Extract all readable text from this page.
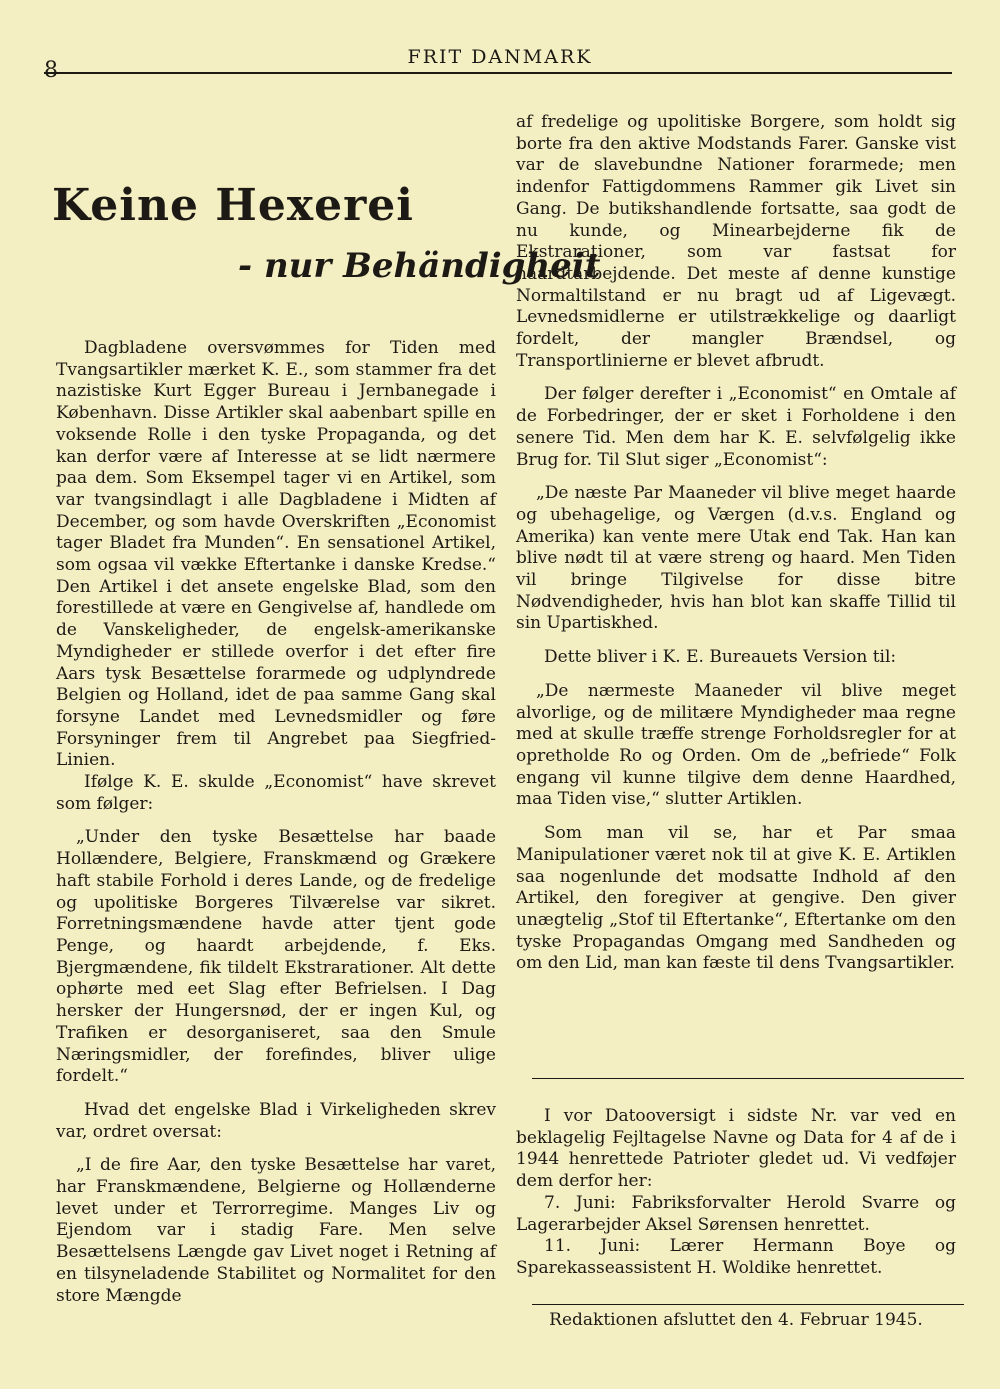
8
FRIT DANMARK
Keine Hexerei
- nur Behändigheit

Dagbladene oversvømmes for Tiden med Tvangsartikler mærket K. E., som stammer fra det nazistiske Kurt Egger Bureau i Jernbanegade i København. Disse Artikler skal aabenbart spille en voksende Rolle i den tyske Propaganda, og det kan derfor være af Interesse at se lidt nærmere paa dem. Som Eksempel tager vi en Artikel, som var tvangsindlagt i alle Dagbladene i Midten af December, og som havde Overskriften „Economist tager Bladet fra Munden“. En sensationel Artikel, som ogsaa vil vække Eftertanke i danske Kredse.“ Den Artikel i det ansete engelske Blad, som den forestillede at være en Gengivelse af, handlede om de Vanskeligheder, de engelsk-amerikanske Myndigheder er stillede overfor i det efter fire Aars tysk Besættelse forarmede og udplyndrede Belgien og Holland, idet de paa samme Gang skal forsyne Landet med Levnedsmidler og føre Forsyninger frem til Angrebet paa Siegfried-Linien.

Ifølge K. E. skulde „Economist“ have skrevet som følger:

„Under den tyske Besættelse har baade Hollændere, Belgiere, Franskmænd og Grækere haft stabile Forhold i deres Lande, og de fredelige og upolitiske Borgeres Tilværelse var sikret. Forretningsmændene havde atter tjent gode Penge, og haardt arbejdende, f. Eks. Bjergmændene, fik tildelt Ekstrarationer. Alt dette ophørte med eet Slag efter Befrielsen. I Dag hersker der Hungersnød, der er ingen Kul, og Trafiken er desorganiseret, saa den Smule Næringsmidler, der forefindes, bliver ulige fordelt.“

Hvad det engelske Blad i Virkeligheden skrev var, ordret oversat:

„I de fire Aar, den tyske Besættelse har varet, har Franskmændene, Belgierne og Hollænderne levet under et Terrorregime. Manges Liv og Ejendom var i stadig Fare. Men selve Besættelsens Længde gav Livet noget i Retning af en tilsyneladende Stabilitet og Normalitet for den store Mængde

af fredelige og upolitiske Borgere, som holdt sig borte fra den aktive Modstands Farer. Ganske vist var de slavebundne Nationer forarmede; men indenfor Fattigdommens Rammer gik Livet sin Gang. De butikshandlende fortsatte, saa godt de nu kunde, og Minearbejderne fik de Ekstrarationer, som var fastsat for haardtarbejdende. Det meste af denne kunstige Normaltilstand er nu bragt ud af Ligevægt. Levnedsmidlerne er utilstrækkelige og daarligt fordelt, der mangler Brændsel, og Transportlinierne er blevet afbrudt.

Der følger derefter i „Economist“ en Omtale af de Forbedringer, der er sket i Forholdene i den senere Tid. Men dem har K. E. selvfølgelig ikke Brug for. Til Slut siger „Economist“:

„De næste Par Maaneder vil blive meget haarde og ubehagelige, og Værgen (d.v.s. England og Amerika) kan vente mere Utak end Tak. Han kan blive nødt til at være streng og haard. Men Tiden vil bringe Tilgivelse for disse bitre Nødvendigheder, hvis han blot kan skaffe Tillid til sin Upartiskhed.

Dette bliver i K. E. Bureauets Version til:

„De nærmeste Maaneder vil blive meget alvorlige, og de militære Myndigheder maa regne med at skulle træffe strenge Forholdsregler for at opretholde Ro og Orden. Om de „befriede“ Folk engang vil kunne tilgive dem denne Haardhed, maa Tiden vise,“ slutter Artiklen.

Som man vil se, har et Par smaa Manipulationer været nok til at give K. E. Artiklen saa nogenlunde det modsatte Indhold af den Artikel, den foregiver at gengive. Den giver unægtelig „Stof til Eftertanke“, Eftertanke om den tyske Propagandas Omgang med Sandheden og om den Lid, man kan fæste til dens Tvangsartikler.

I vor Datooversigt i sidste Nr. var ved en beklagelig Fejltagelse Navne og Data for 4 af de i 1944 henrettede Patrioter gledet ud. Vi vedføjer dem derfor her:

7. Juni: Fabriksforvalter Herold Svarre og Lagerarbejder Aksel Sørensen henrettet.

11. Juni: Lærer Hermann Boye og Sparekasseassistent H. Woldike henrettet.

Redaktionen afsluttet den 4. Februar 1945.
